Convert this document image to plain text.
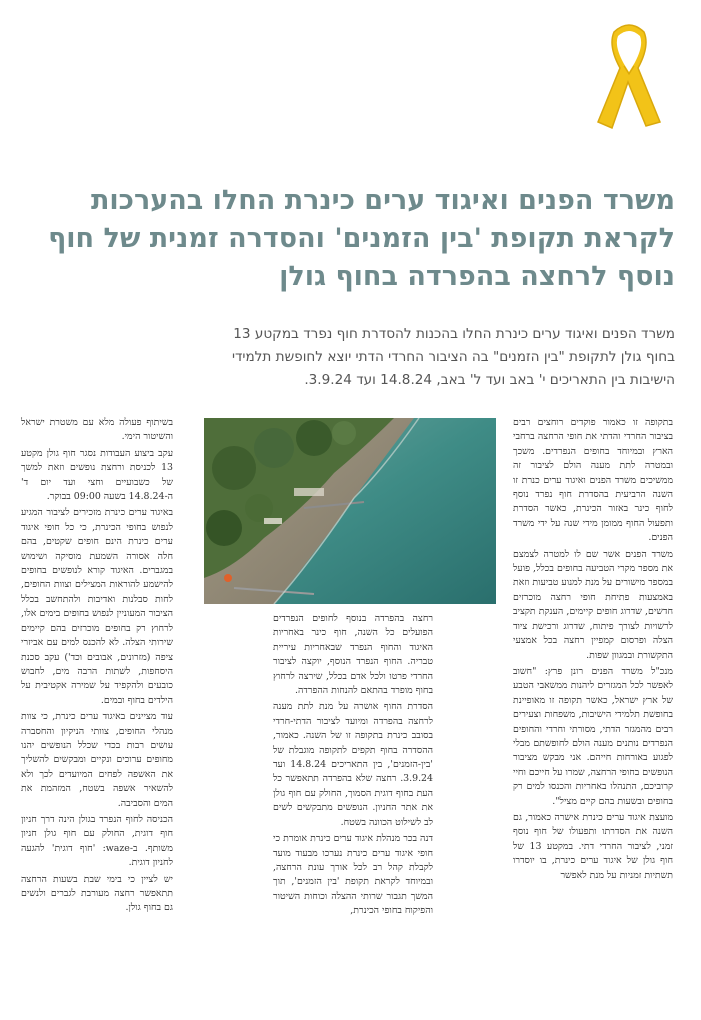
משרד הפנים ואיגוד ערים כינרת החלו בהערכות
לקראת תקופת 'בין הזמנים' והסדרה זמנית של חוף
נוסף לרחצה בהפרדה בחוף גולן
משרד הפנים ואיגוד ערים כינרת החלו בהכנות להסדרת חוף נפרד במקטע 13
בחוף גולן לתקופת "בין הזמנים" בה הציבור החרדי הדתי יוצא לחופשת תלמידי
הישיבות בין התאריכים י' באב ועד ל' באב, 14.8.24 ועד 3.9.24.

בתקופה זו כאמור פוקדים רוחצים רבים בציבור החרדי והדתי את חופי הרחצה ברחבי הארץ ובמיוחד בחופים הנפרדים. משכך ובמטרה לתת מענה הולם לציבור זה ממשיכים משרד הפנים ואיגוד ערים כנרת זו השנה הרביעית בהסדרת חוף נפרד נוסף לחוף כינר באזור הכינרת, כאשר הסדרת ותפעול החוף ממומן מידי שנה על ידי משרד הפנים.

משרד הפנים אשר שם לו למטרה לצמצם את מספר מקרי הטביעה בחופים בכלל, פועל במספר מישורים על מנת למנוע טביעות וזאת באמצעות פתיחת חופי רחצה מוכרזים חדשים, שדרוג חופים קיימים, הענקת תקציב לרשויות לצורך פיתוח, שדרוג ורכישת ציוד הצלה ופרסום קמפיין רחצה בכל אמצעי התקשורת ובמגוון שפות.

מנכ"ל משרד הפנים רונן פרץ: "חשוב לאפשר לכל המגזרים ליהנות ממשאבי הטבע של ארץ ישראל, כאשר תקופה זו מאופיינת בחופשת תלמידי הישיבות, משפחות וצעירים רבים מהמגזר הדתי, מסורתי וחרדי והחופים הנפרדים נותנים מענה הולם לחופשתם מבלי לפגוע באורחות חייהם. אני מבקש מציבור הנופשים בחופי הרחצה, שמרו על חייכם וחיי קרוביכם, התנהלו באחריות והכנסו למים רק בחופים ובשעות בהם קיים מציל".

מועצת איגוד ערים כינרת אישרה כאמור, גם השנה את הסדרתו ותפעולו של חוף נוסף זמני, לציבור החרדי דתי. במקטע 13 של חוף גולן של איגוד ערים כינרת, בו יוסדרו תשתיות זמניות על מנת לאפשר

רחצה בהפרדה בנוסף לחופים הנפרדים הפועלים כל השנה, חוף כינר באחריות האיגוד והחוף הנפרד שבאחריות עיריית טבריה. החוף הנפרד הנוסף, יוקצה לציבור החרדי פרטו ולכל אדם בכלל, שירצה לרחוץ בחוף מופרד בהתאם להנחות ההפרדה.

הסדרת החוף אושרה על מנת לתת מענה לרחצה בהפרדה ומיועד לציבור הדתי-חרדי בסובב כינרת בתקופה זו של השנה. כאמור, ההסדרה בחוף תקפים לתקופה מוגבלת של 'בין-הזמנים', בין התאריכים 14.8.24 ועד 3.9.24. רחצה שלא בהפרדה תתאפשר כל העת בחוף דוגית הסמוך, החולק עם חוף גולן את אתר החניון. הנופשים מתבקשים לשים לב לשילוט הכוונה בשטח.

דנה בכר מנהלת איגוד ערים כינרת אומרת כי חופי איגוד ערים כינרת נערכו מבעוד מועד לקבלת קהל רב לכל אורך עונת הרחצה, ובמיוחד לקראת תקופת 'בין הזמנים', תוך המשך תגבור שרותי ההצלה וכוחות השיטור והפיקוח בחופי הכינרת,

בשיתוף פעולה מלא עם משטרת ישראל והשיטור הימי.

עקב ביצוע העבודות נסגר חוף גולן מקטע 13 לכניסת ורחצת נופשים וזאת למשך של כשבועיים וחצי ועד יום ד' ה-14.8.24 בשעה 09:00 בבוקר.

באיגוד ערים כינרת מזכירים לציבור המגיע לנפוש בחופי הכינרת, כי כל חופי איגוד ערים כינרת הינם חופים שקטים, בהם חלה אסורה השמעת מוסיקה ושימוש במגברים. האיגוד קורא לנופשים בחופים להישמע להוראות המצילים וצוות החופים, לחות סבלנות ואדיבות ולהתחשב בכלל הציבור המעוניין לנפוש בחופים בימים אלו, לרחוץ רק בחופים מוכרזים בהם קיימים שירותי הצלה. לא להכנס למים עם אביזרי ציפה (מזרונים, אבובים וכד') עקב סכנת היסחפות, לשתות הרבה מים, לחבוש כובעים ולהקפיד על שמירה אקטיבית על הילדים בחוף ובמים.

עוד מציינים באיגוד ערים כינרת, כי צוות מנהלי החופים, צוותי הניקיון והחסברה עושים רבות בכדי שכלל הנופשים יהנו מחופים ערוכים ונקיים ומבקשים להשליך את האשפה לפחים המיועדים לכך ולא להשאיר אשפה בשטח, המזהמת את המים והסביבה.

הכניסה לחוף הנפרד בגולן הינה דרך חניון חוף דוגית, החולק עם חוף גולן חניון משותף. ב-waze: 'חוף דוגית' להגעה לחניון דוגית.

יש לציין כי בימי שבת בשעות הרחצה תתאפשר רחצה מעורבת לגברים ולנשים גם בחוף גולן.
